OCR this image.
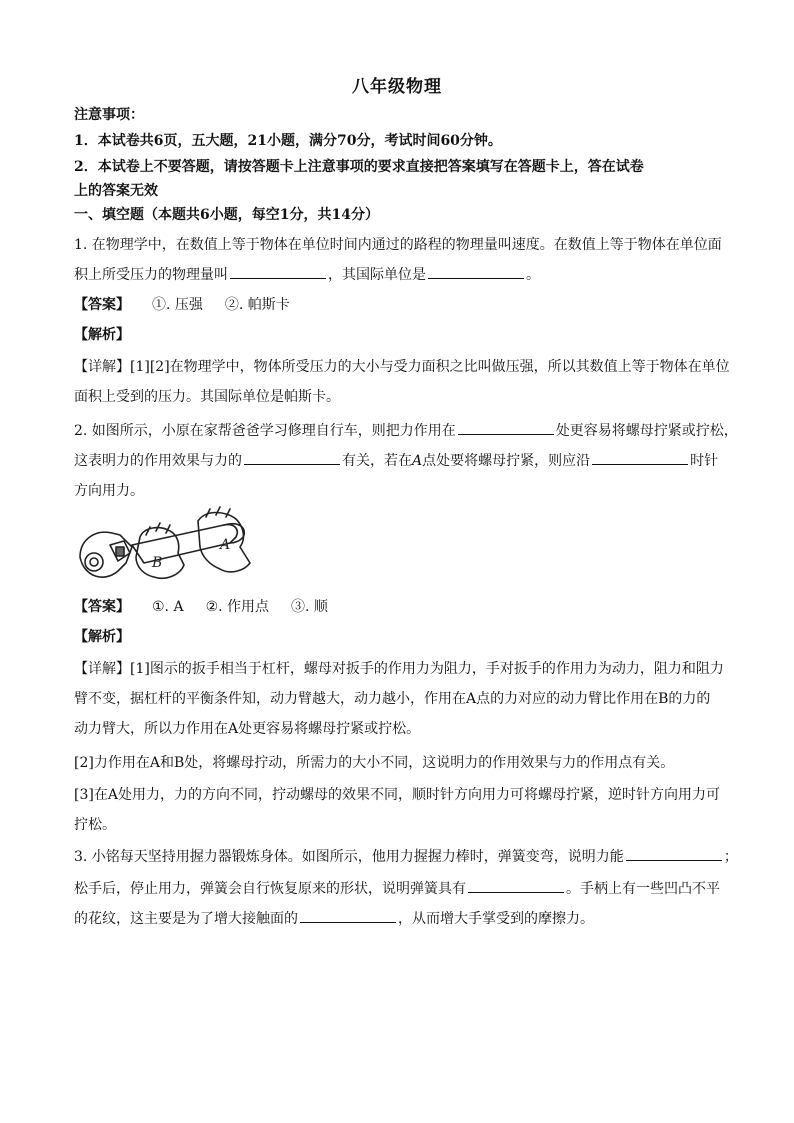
八年级物理
注意事项：
1．本试卷共6页，五大题，21小题，满分70分，考试时间60分钟。
2．本试卷上不要答题，请按答题卡上注意事项的要求直接把答案填写在答题卡上，答在试卷
上的答案无效
一、填空题（本题共6小题，每空1分，共14分）
1. 在物理学中，在数值上等于物体在单位时间内通过的路程的物理量叫速度。在数值上等于物体在单位面
积上所受压力的物理量叫	，其国际单位是	。
【答案】 ①. 压强 ②. 帕斯卡
【解析】
【详解】[1][2]在物理学中，物体所受压力的大小与受力面积之比叫做压强，所以其数值上等于物体在单位
面积上受到的压力。其国际单位是帕斯卡。
2. 如图所示，小原在家帮爸爸学习修理自行车，则把力作用在	处更容易将螺母拧紧或拧松，
这表明力的作用效果与力的	有关，若在A点处要将螺母拧紧，则应沿	时针
方向用力。
B
A
【答案】 ①. A ②. 作用点 ③. 顺
【解析】
【详解】[1]图示的扳手相当于杠杆，螺母对扳手的作用力为阻力，手对扳手的作用力为动力，阻力和阻力
臂不变，据杠杆的平衡条件知，动力臂越大，动力越小，作用在A点的力对应的动力臂比作用在B的力的
动力臂大，所以力作用在A处更容易将螺母拧紧或拧松。
[2]力作用在A和B处，将螺母拧动，所需力的大小不同，这说明力的作用效果与力的作用点有关。
[3]在A处用力，力的方向不同，拧动螺母的效果不同，顺时针方向用力可将螺母拧紧，逆时针方向用力可
拧松。
3. 小铭每天坚持用握力器锻炼身体。如图所示，他用力握握力棒时，弹簧变弯，说明力能	；
松手后，停止用力，弹簧会自行恢复原来的形状，说明弹簧具有	。手柄上有一些凹凸不平
的花纹，这主要是为了增大接触面的	，从而增大手掌受到的摩擦力。
